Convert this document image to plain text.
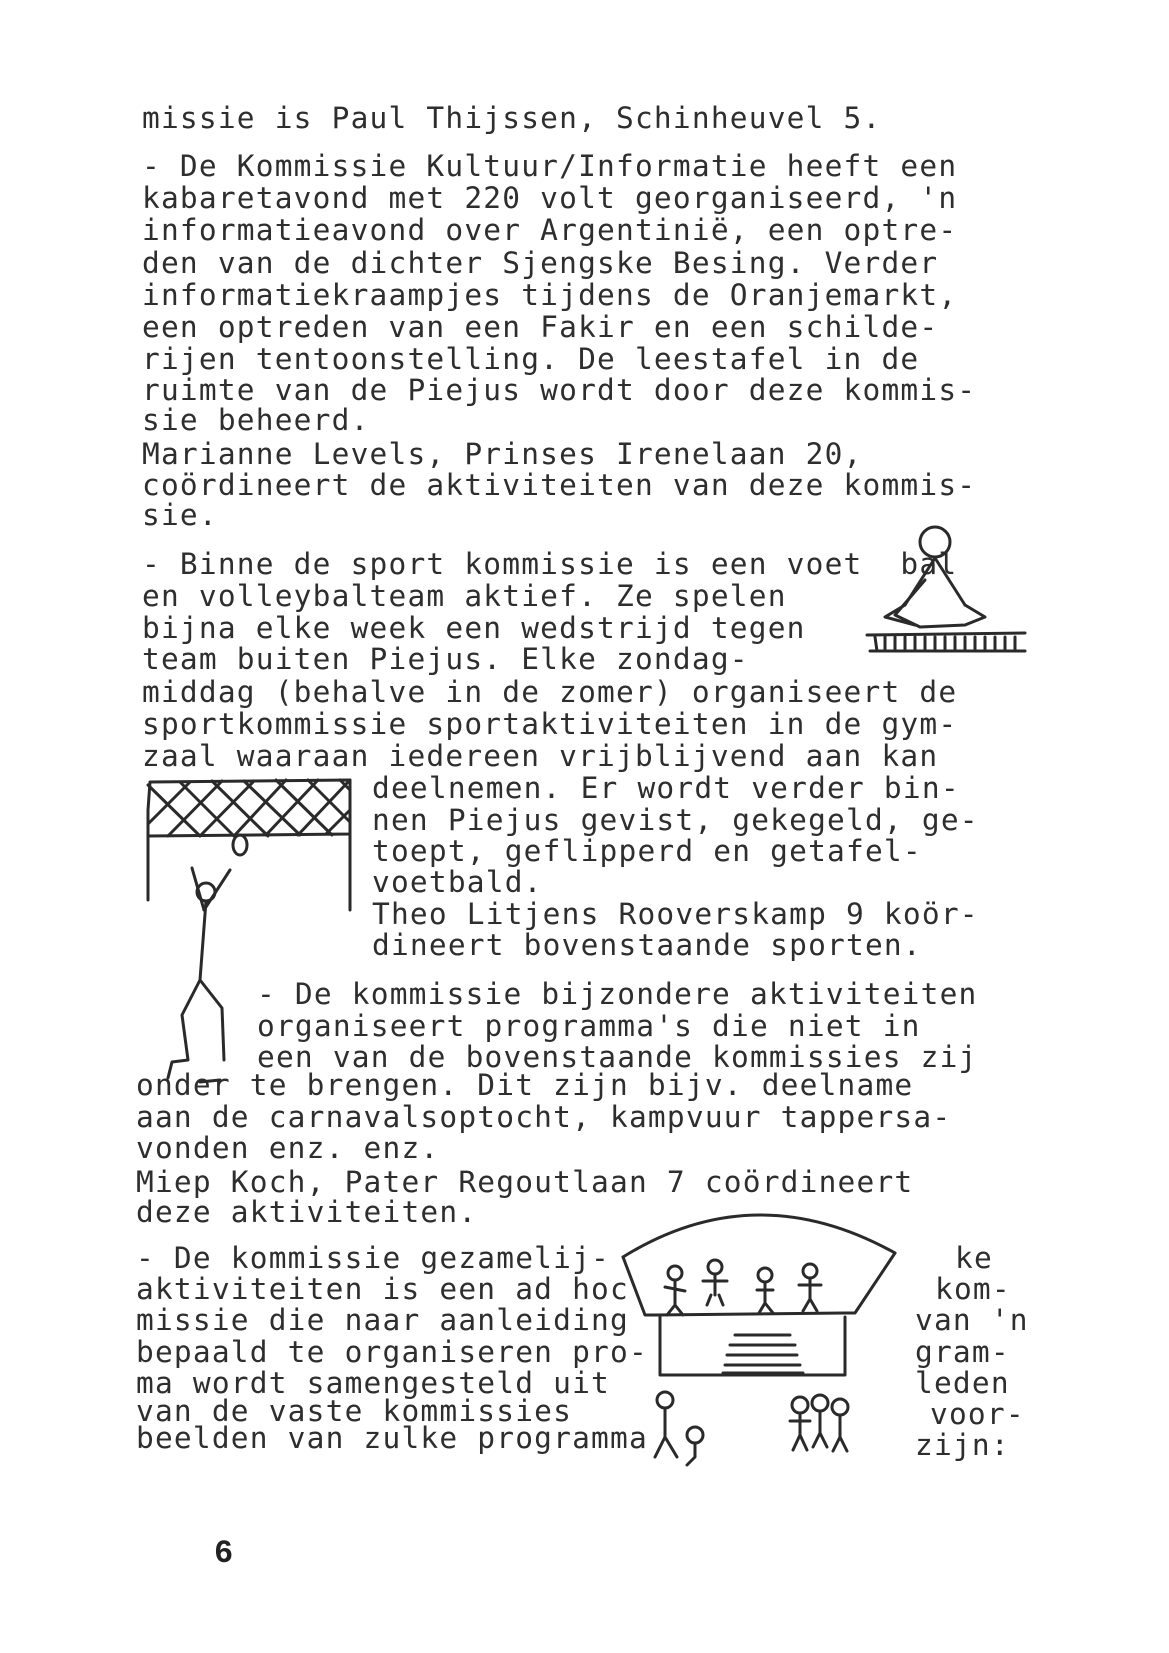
missie is Paul Thijssen, Schinheuvel 5.
- De Kommissie Kultuur/Informatie heeft een
kabaretavond met 220 volt georganiseerd, 'n
informatieavond over Argentinië, een optre-
den van de dichter Sjengske Besing. Verder
informatiekraampjes tijdens de Oranjemarkt,
een optreden van een Fakir en een schilde-
rijen tentoonstelling. De leestafel in de
ruimte van de Piejus wordt door deze kommis-
sie beheerd.
Marianne Levels, Prinses Irenelaan 20,
coördineert de aktiviteiten van deze kommis-
sie.
- Binne de sport kommissie is een voet  bal
en volleybalteam aktief. Ze spelen
bijna elke week een wedstrijd tegen
team buiten Piejus. Elke zondag-
middag (behalve in de zomer) organiseert de
sportkommissie sportaktiviteiten in de gym-
zaal waaraan iedereen vrijblijvend aan kan
deelnemen. Er wordt verder bin-
nen Piejus gevist, gekegeld, ge-
toept, geflipperd en getafel-
voetbald.
Theo Litjens Rooverskamp 9 koör-
dineert bovenstaande sporten.
- De kommissie bijzondere aktiviteiten
organiseert programma's die niet in
een van de bovenstaande kommissies zij
onder te brengen. Dit zijn bijv. deelname
aan de carnavalsoptocht, kampvuur tappersa-
vonden enz. enz.
Miep Koch, Pater Regoutlaan 7 coördineert
deze aktiviteiten.
- De kommissie gezamelij-	ke
aktiviteiten is een ad hoc	kom-
missie die naar aanleiding	van 'n
bepaald te organiseren pro-	gram-
ma wordt samengesteld uit	leden
van de vaste kommissies	voor-
beelden van zulke programma	zijn:
6
